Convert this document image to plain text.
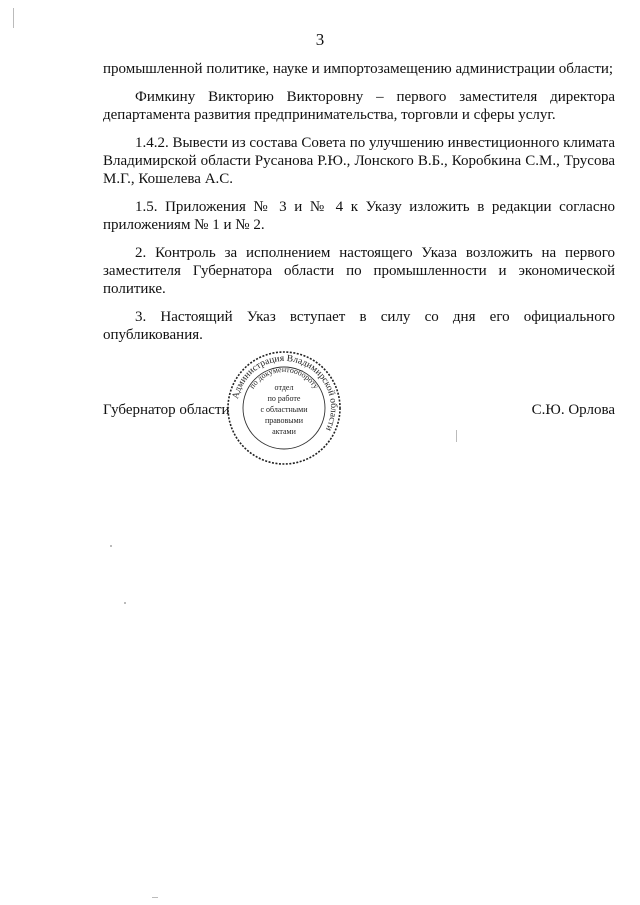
3

промышленной политике, науке и импортозамещению администрации области;

Фимкину Викторию Викторовну – первого заместителя директора департамента развития предпринимательства, торговли и сферы услуг.

1.4.2. Вывести из состава Совета по улучшению инвестиционного климата Владимирской области Русанова Р.Ю., Лонского В.Б., Коробкина С.М., Трусова М.Г., Кошелева А.С.

1.5. Приложения № 3 и № 4 к Указу изложить в редакции согласно приложениям № 1 и № 2.

2. Контроль за исполнением настоящего Указа возложить на первого заместителя Губернатора области по промышленности и экономической политике.

3. Настоящий Указ вступает в силу со дня его официального опубликования.

Губернатор области	С.Ю. Орлова
Администрация Владимирской области
по документообороту
отдел
по работе
с областными
правовыми
актами
